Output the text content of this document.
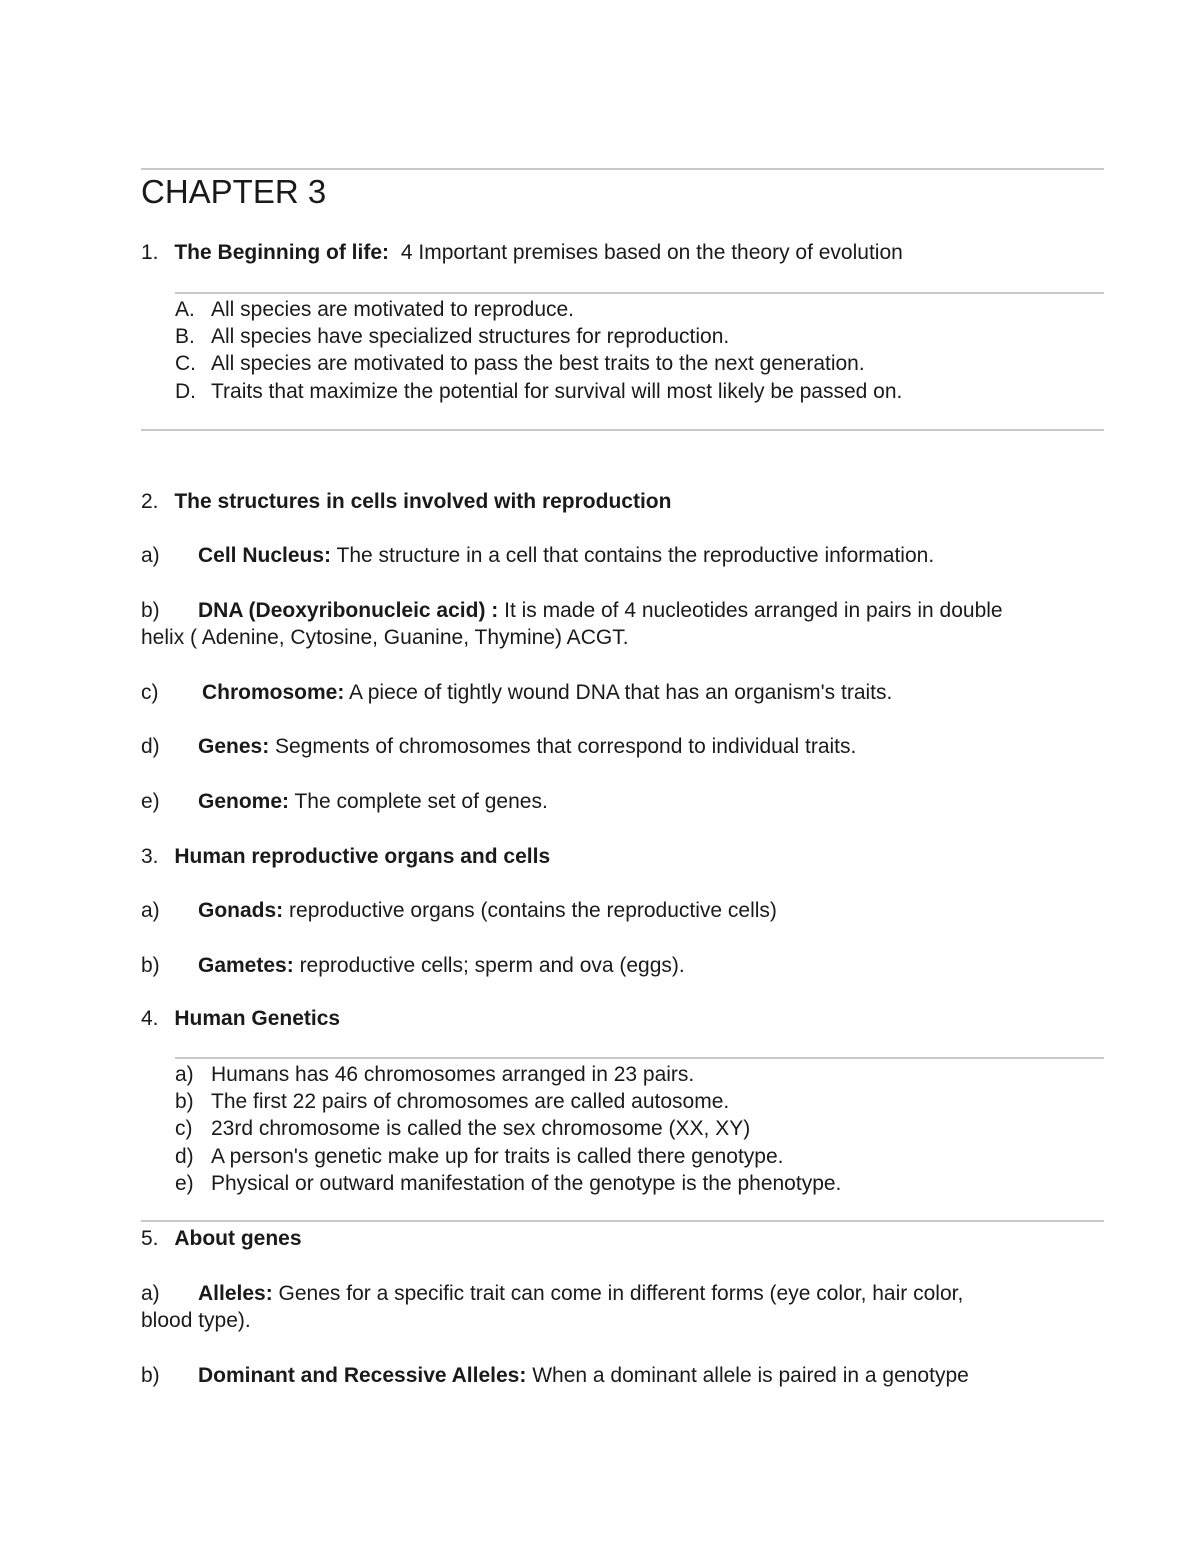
CHAPTER 3
1. The Beginning of life: 4 Important premises based on the theory of evolution
A. All species are motivated to reproduce.
B. All species have specialized structures for reproduction.
C. All species are motivated to pass the best traits to the next generation.
D. Traits that maximize the potential for survival will most likely be passed on.
2. The structures in cells involved with reproduction
a) Cell Nucleus: The structure in a cell that contains the reproductive information.
b) DNA (Deoxyribonucleic acid) : It is made of 4 nucleotides arranged in pairs in double
helix ( Adenine, Cytosine, Guanine, Thymine) ACGT.
c) Chromosome: A piece of tightly wound DNA that has an organism's traits.
d) Genes: Segments of chromosomes that correspond to individual traits.
e) Genome: The complete set of genes.
3. Human reproductive organs and cells
a) Gonads: reproductive organs (contains the reproductive cells)
b) Gametes: reproductive cells; sperm and ova (eggs).
4. Human Genetics
a) Humans has 46 chromosomes arranged in 23 pairs.
b) The first 22 pairs of chromosomes are called autosome.
c) 23rd chromosome is called the sex chromosome (XX, XY)
d) A person's genetic make up for traits is called there genotype.
e) Physical or outward manifestation of the genotype is the phenotype.
5. About genes
a) Alleles: Genes for a specific trait can come in different forms (eye color, hair color,
blood type).
b) Dominant and Recessive Alleles: When a dominant allele is paired in a genotype
